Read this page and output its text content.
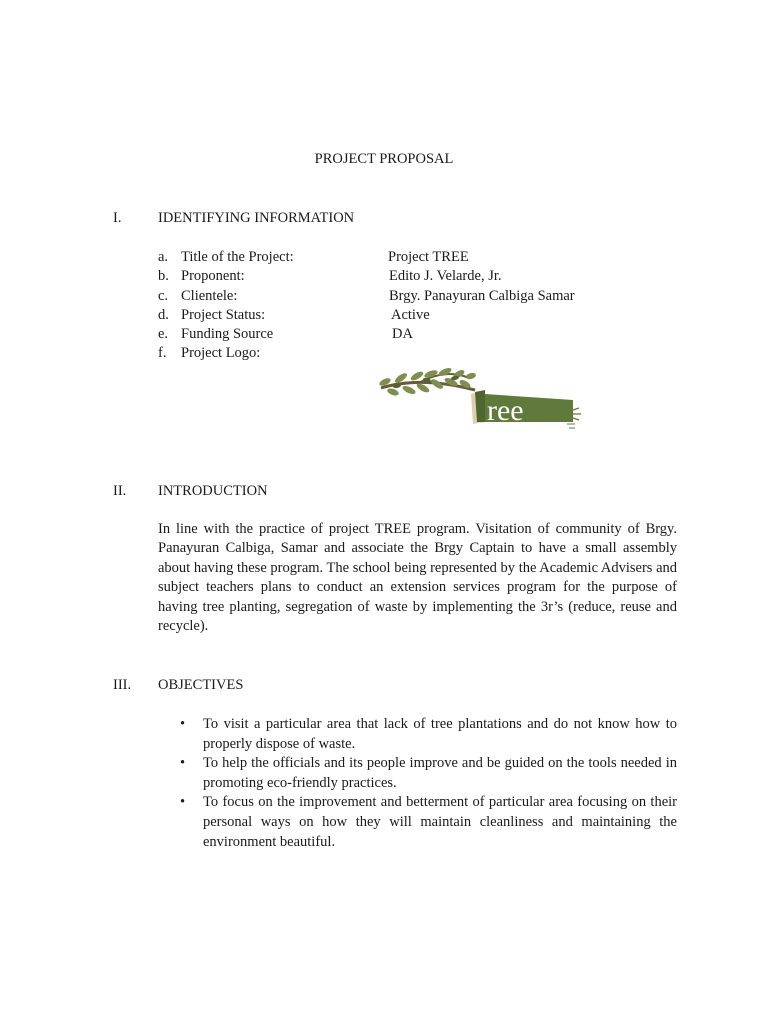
PROJECT PROPOSAL
I.	IDENTIFYING INFORMATION
a. Title of the Project:	Project TREE
b. Proponent:	Edito J. Velarde, Jr.
c. Clientele:	Brgy. Panayuran Calbiga Samar
d. Project Status:	Active
e. Funding Source	DA
f. Project Logo:
ree
II. INTRODUCTION
In line with the practice of project TREE program. Visitation of community of Brgy. Panayuran Calbiga, Samar and associate the Brgy Captain to have a small assembly about having these program. The school being represented by the Academic Advisers and subject teachers plans to conduct an extension services program for the purpose of having tree planting, segregation of waste by implementing the 3r’s (reduce, reuse and recycle).
III. OBJECTIVES
• To visit a particular area that lack of tree plantations and do not know how to properly dispose of waste.
• To help the officials and its people improve and be guided on the tools needed in promoting eco-friendly practices.
• To focus on the improvement and betterment of particular area focusing on their personal ways on how they will maintain cleanliness and maintaining the environment beautiful.
